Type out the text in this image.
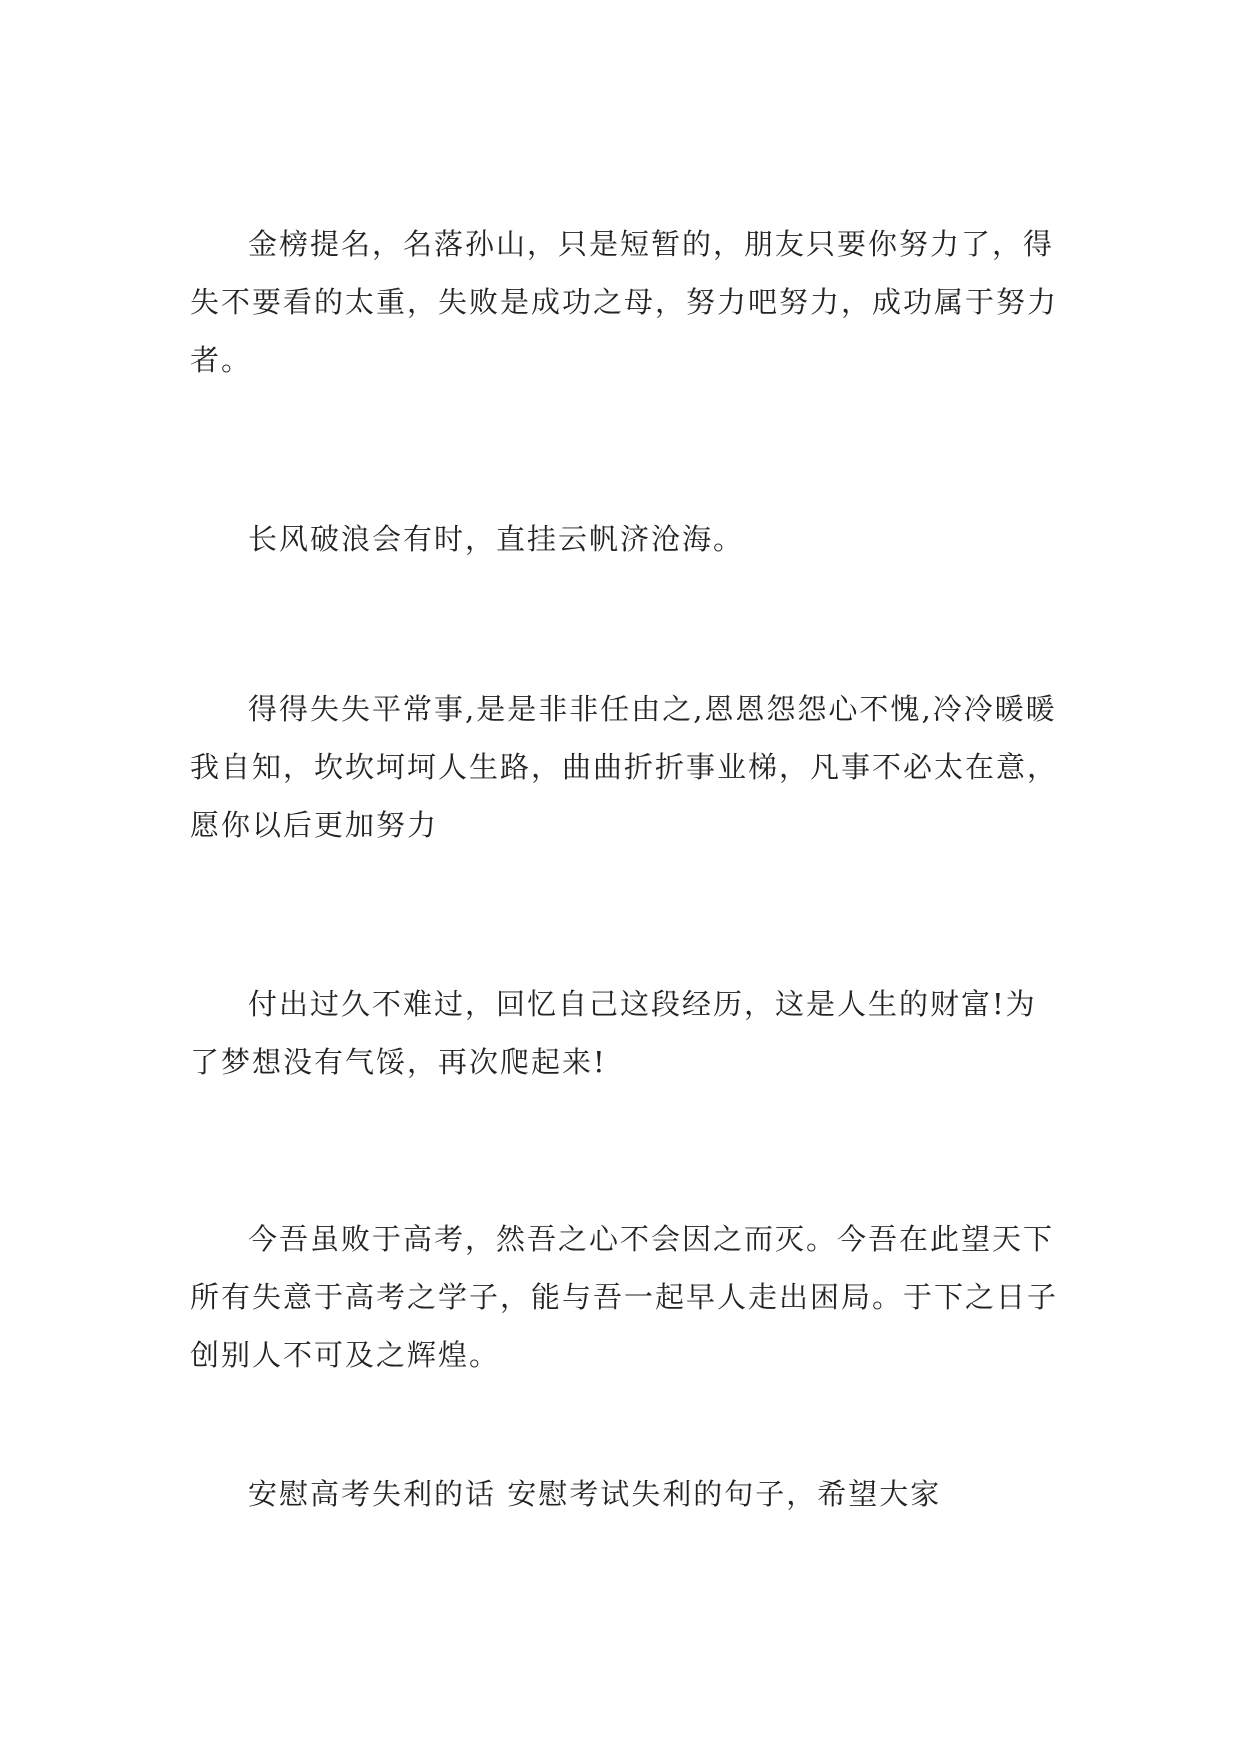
金榜提名，名落孙山，只是短暂的，朋友只要你努力了，得失不要看的太重，失败是成功之母，努力吧努力，成功属于努力者。

长风破浪会有时，直挂云帆济沧海。

得得失失平常事,是是非非任由之,恩恩怨怨心不愧,冷冷暖暖我自知，坎坎坷坷人生路，曲曲折折事业梯，凡事不必太在意，愿你以后更加努力

付出过久不难过，回忆自己这段经历，这是人生的财富!为了梦想没有气馁，再次爬起来!

今吾虽败于高考，然吾之心不会因之而灭。今吾在此望天下所有失意于高考之学子，能与吾一起早人走出困局。于下之日子创别人不可及之辉煌。

安慰高考失利的话 安慰考试失利的句子，希望大家
